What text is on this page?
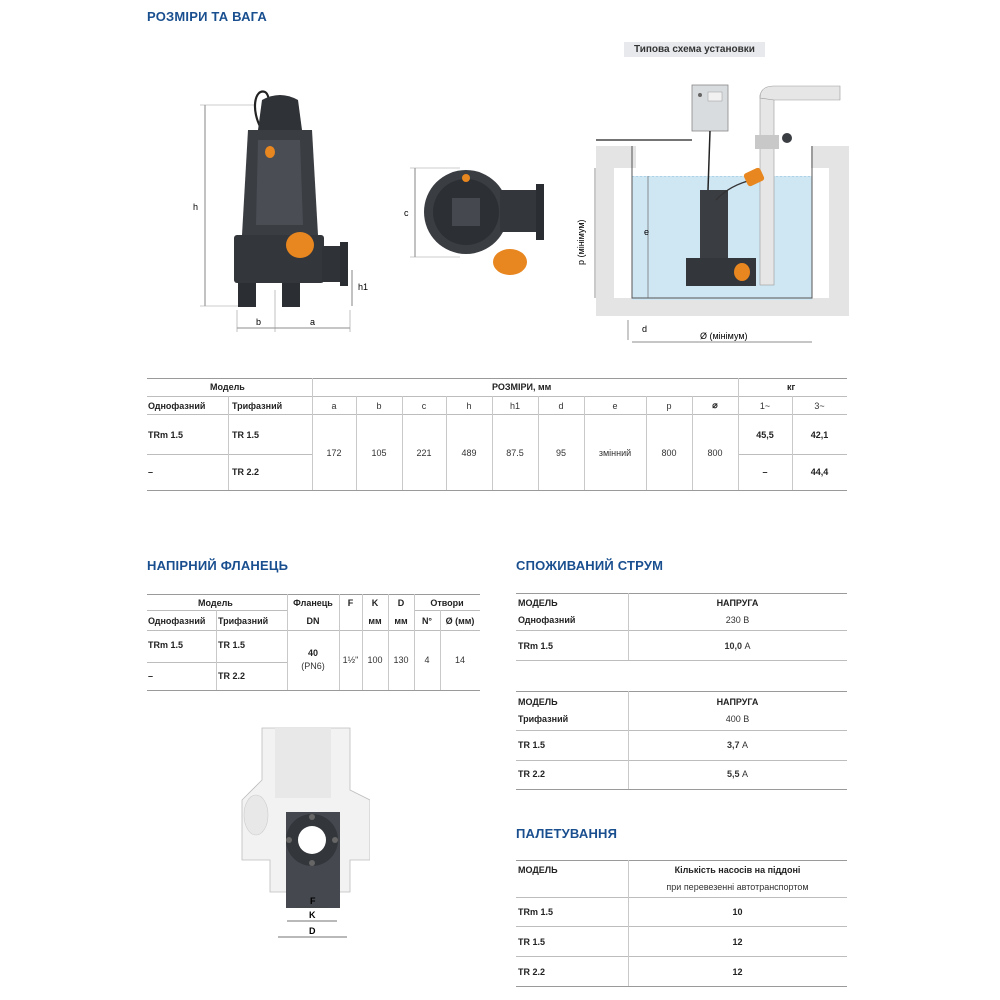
РОЗМІРИ ТА ВАГА
НАПІРНИЙ ФЛАНЕЦЬ	СПОЖИВАНИЙ СТРУМ
ПАЛЕТУВАННЯ
h
h1
b	a
c
Типова схема установки
p (мінімум)	e
d
Ø (мінімум)
Модель
Однофазний	Трифазний
РОЗМІРИ, мм	кг
a	b	c	h	h1	d	e	p	⌀	1~	3~
TRm 1.5	TR 1.5
–	TR 2.2
172	105	221	489	87.5	95	змінний	800	800
45,5	42,1
–	44,4
Модель
Однофазний Трифазний
Фланець
DN
F	K	D
мм	мм
Отвори
N°	Ø (мм)
TRm 1.5	TR 1.5
–	TR 2.2
40
(PN6)
1½"	100	130	4	14
F
K
D
МОДЕЛЬ
Однофазний
НАПРУГА
230 В
TRm 1.5	10,0 А
МОДЕЛЬ
Трифазний
НАПРУГА
400 В
TR 1.5	3,7 А
TR 2.2	5,5 А
МОДЕЛЬ	Кількість насосів на піддоні
при перевезенні автотранспортом
TRm 1.5	10
TR 1.5	12
TR 2.2	12
